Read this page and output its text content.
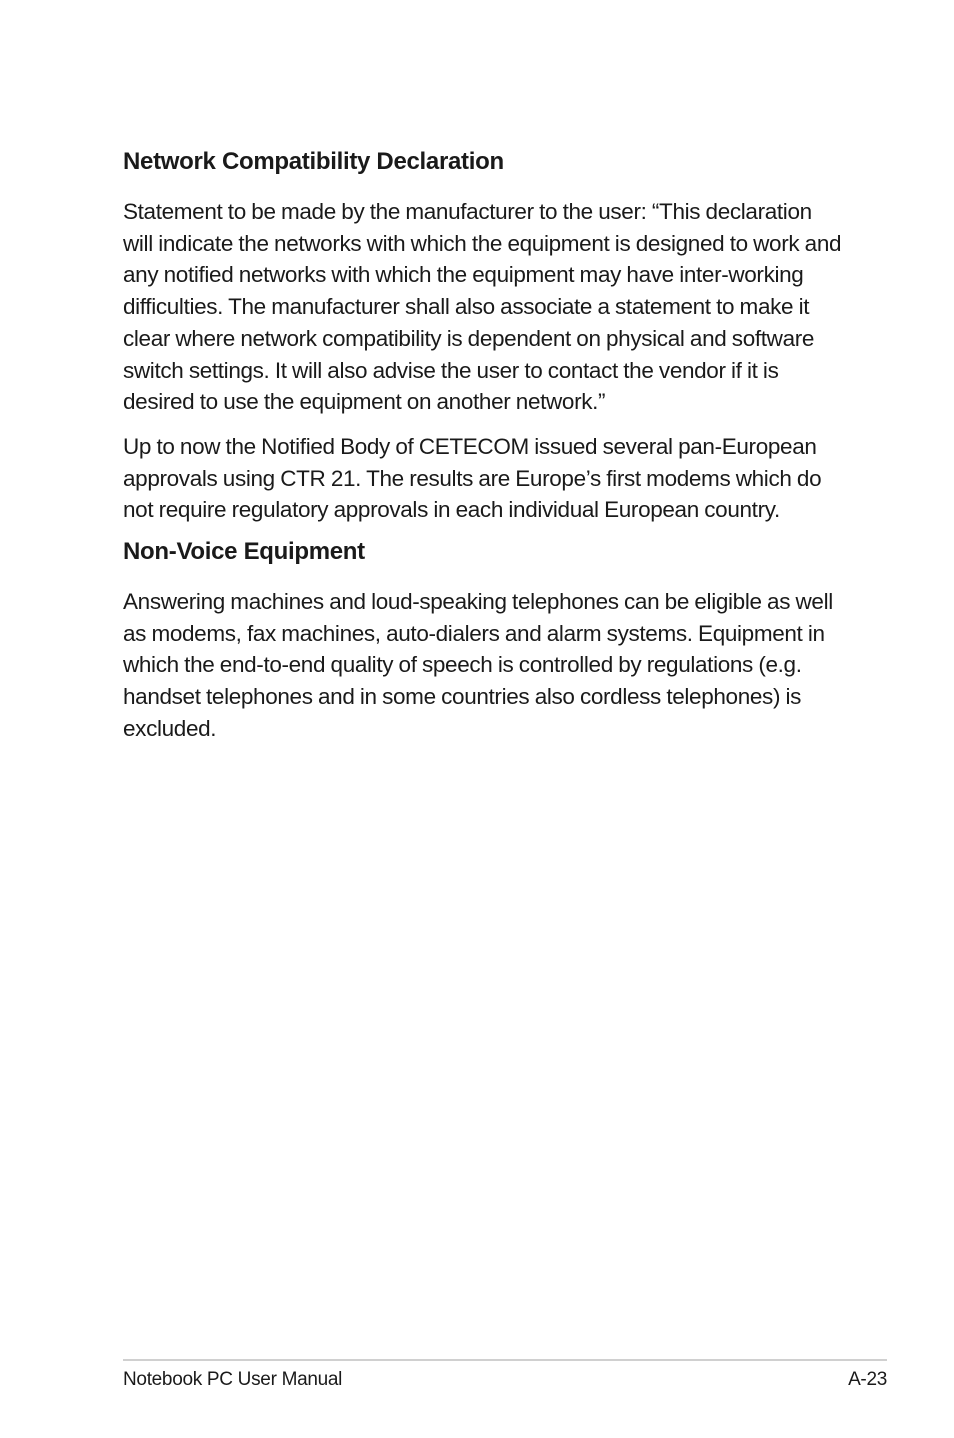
Network Compatibility Declaration

Statement to be made by the manufacturer to the user: “This declaration will indicate the networks with which the equipment is designed to work and any notified networks with which the equipment may have inter-working difficulties. The manufacturer shall also associate a statement to make it clear where network compatibility is dependent on physical and software switch settings. It will also advise the user to contact the vendor if it is desired to use the equipment on another network.”

Up to now the Notified Body of CETECOM issued several pan-European approvals using CTR 21. The results are Europe’s first modems which do not require regulatory approvals in each individual European country.

Non-Voice Equipment

Answering machines and loud-speaking telephones can be eligible as well as modems, fax machines, auto-dialers and alarm systems. Equipment in which the end-to-end quality of speech is controlled by regulations (e.g. handset telephones and in some countries also cordless telephones) is excluded.

Notebook PC User Manual	A-23
